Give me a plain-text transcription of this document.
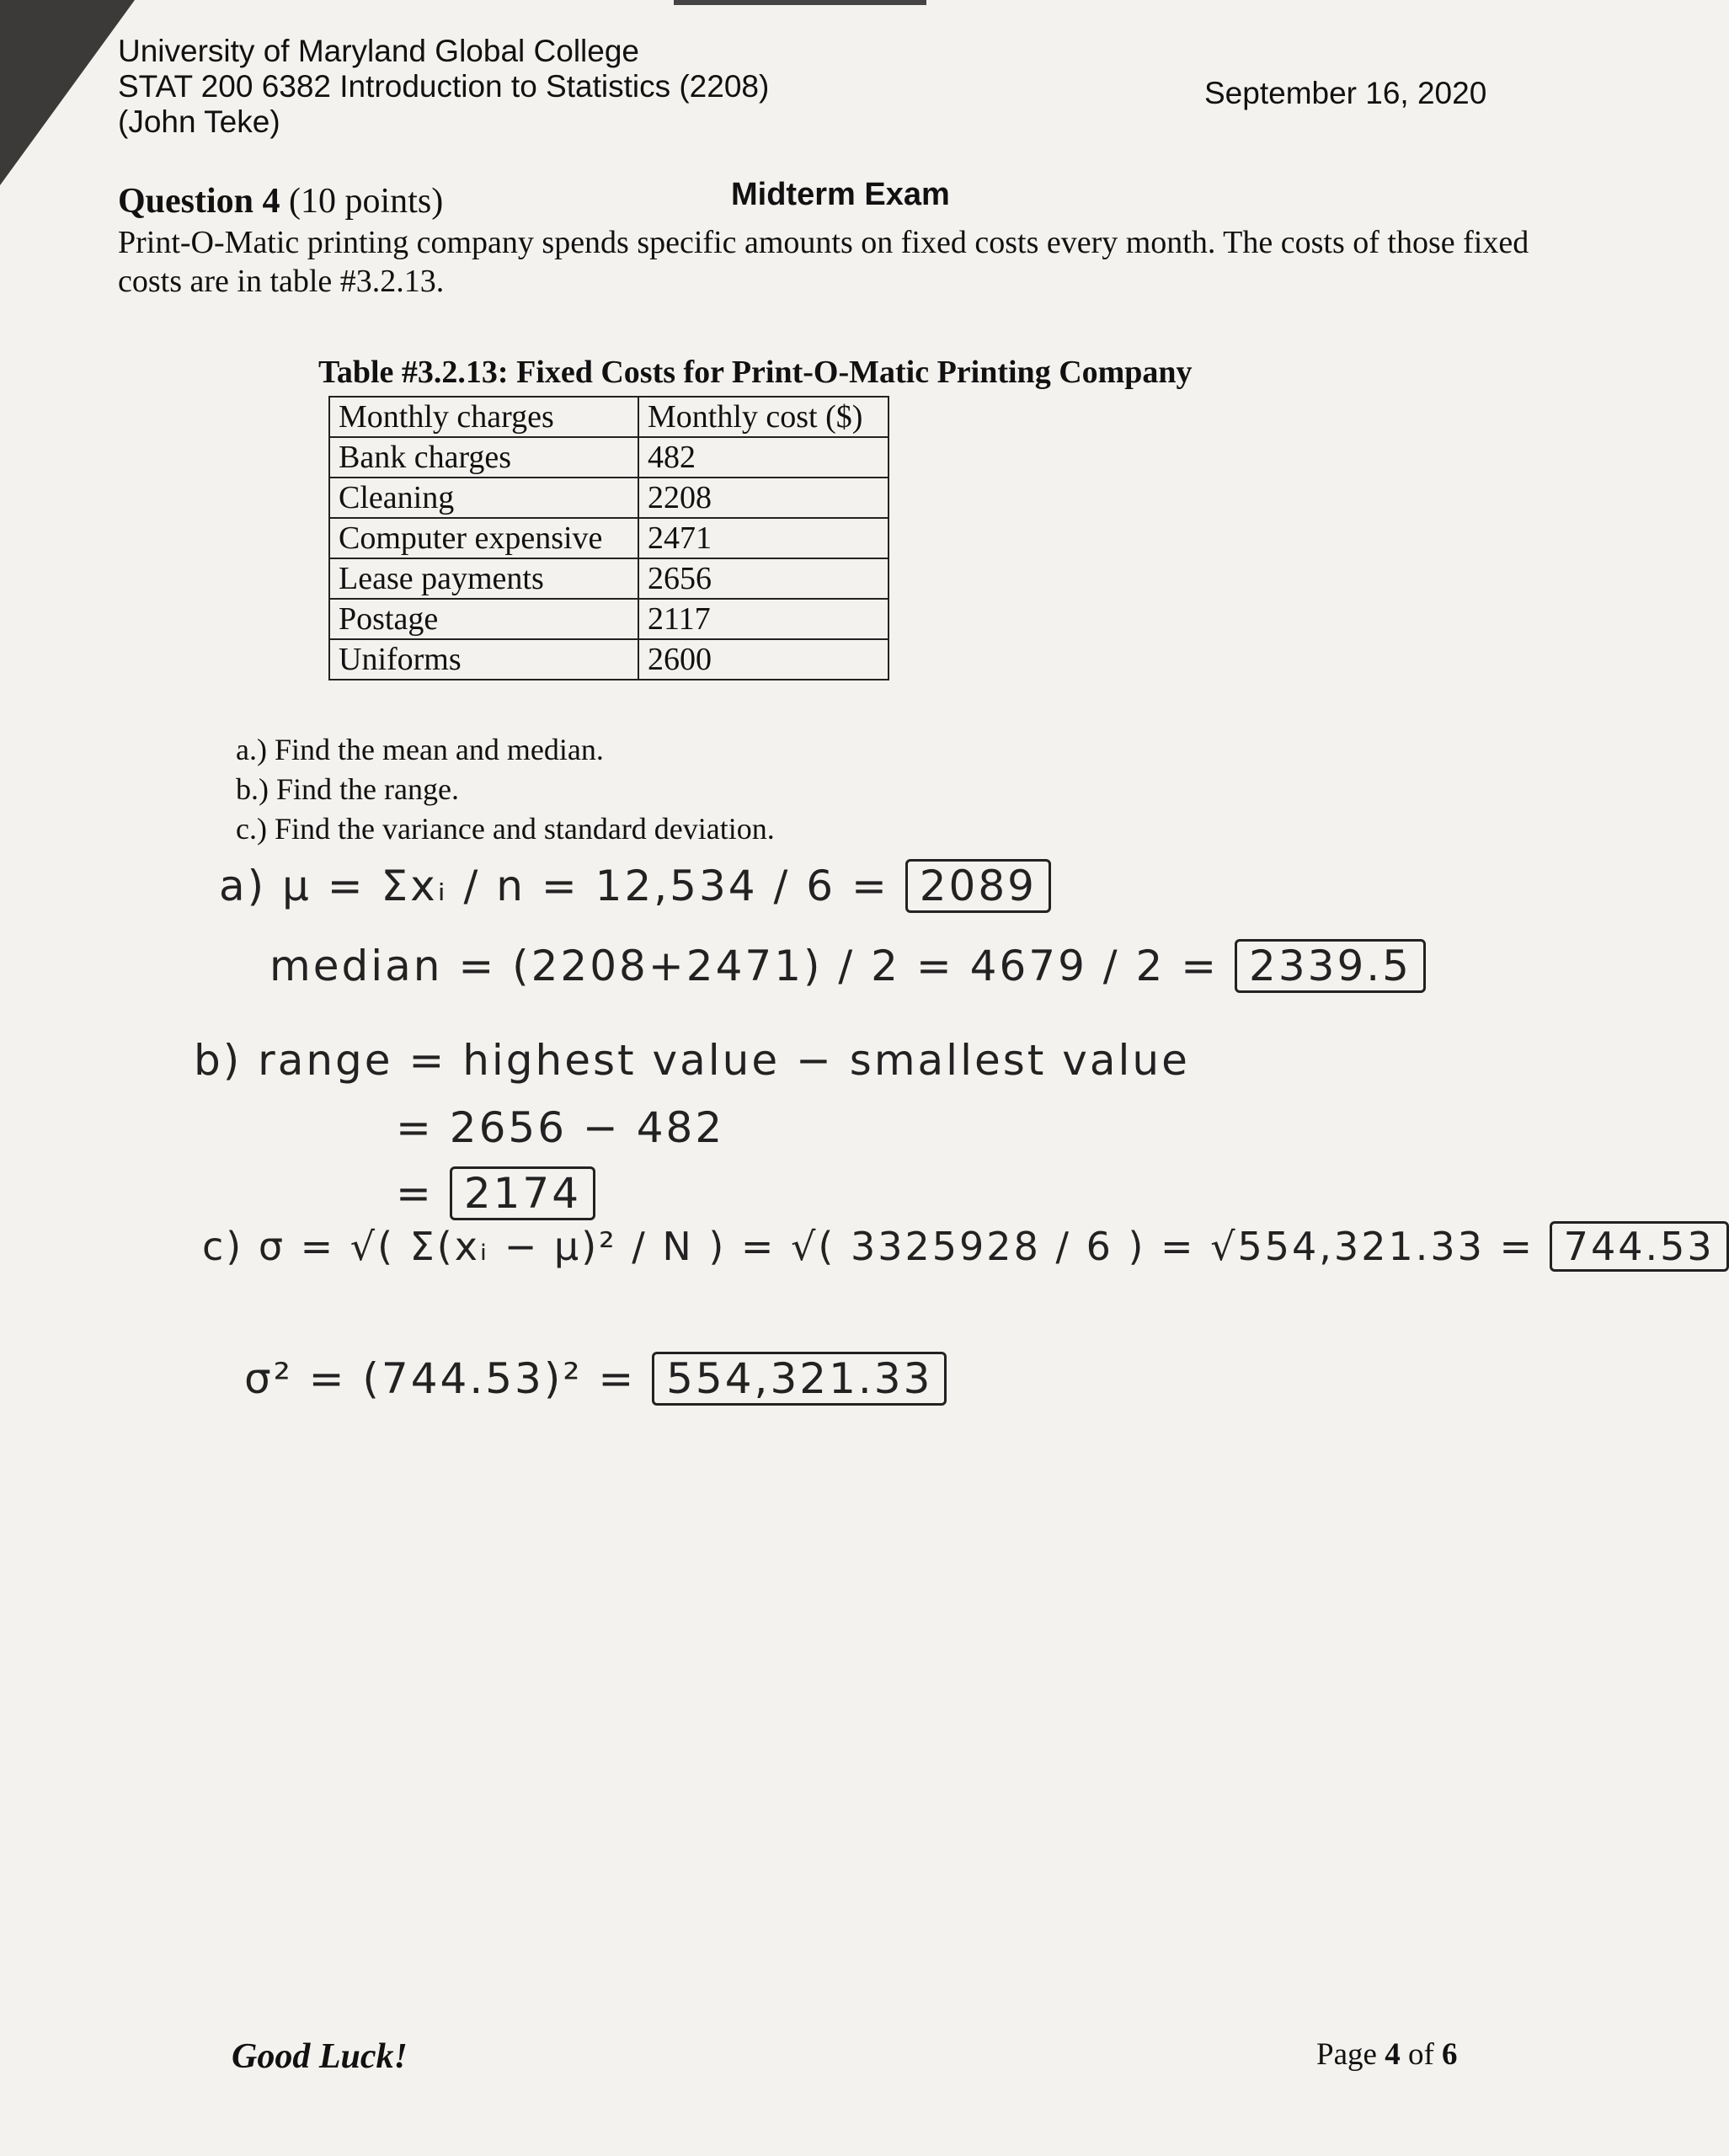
University of Maryland Global College
STAT 200 6382 Introduction to Statistics (2208)
(John Teke)
September 16, 2020
Midterm Exam
Question 4 (10 points)
Print-O-Matic printing company spends specific amounts on fixed costs every month. The costs of those fixed costs are in table #3.2.13.
Table #3.2.13: Fixed Costs for Print-O-Matic Printing Company
Monthly charges	Monthly cost ($)
Bank charges	482
Cleaning	2208
Computer expensive	2471
Lease payments	2656
Postage	2117
Uniforms	2600
a.) Find the mean and median.
b.) Find the range.
c.) Find the variance and standard deviation.
a) μ = Σxᵢ / n = 12,534 / 6 = 2089
median = (2208+2471) / 2 = 4679 / 2 = 2339.5
b) range = highest value − smallest value
= 2656 − 482
= 2174
c) σ = √( Σ(xᵢ − μ)² / N ) = √( 3325928 / 6 ) = √554,321.33 = 744.53
σ² = (744.53)² = 554,321.33
Good Luck!	Page 4 of 6
